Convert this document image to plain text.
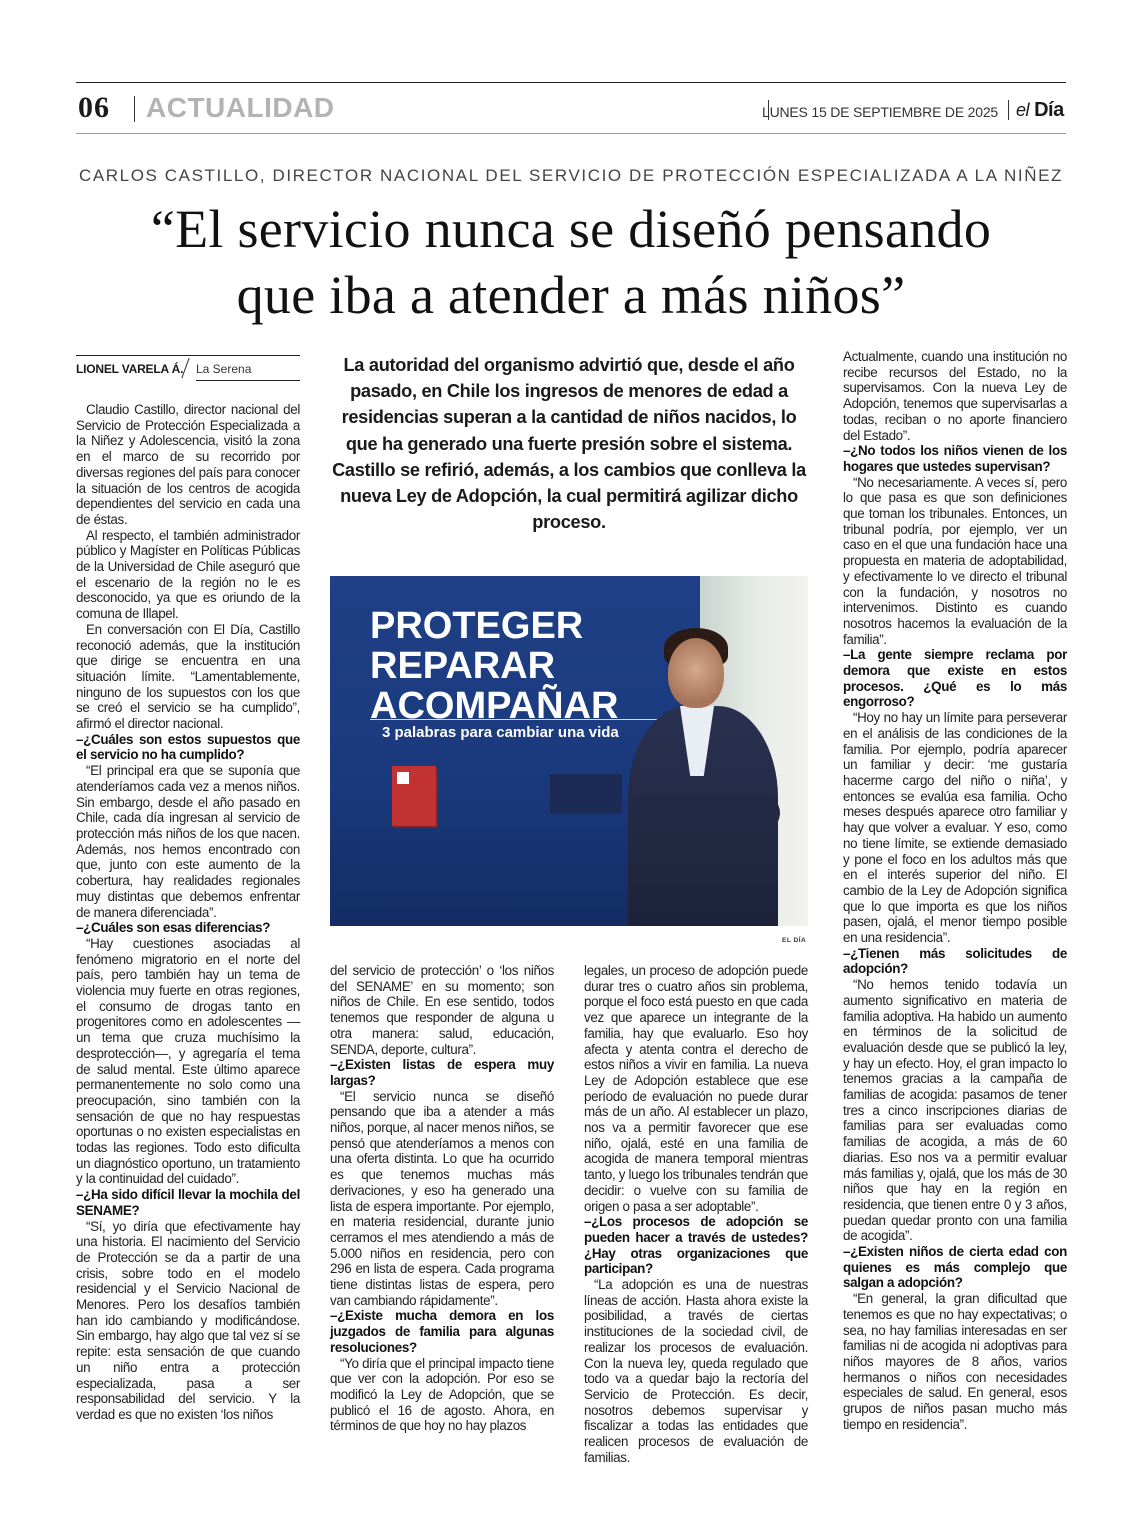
06 ACTUALIDAD	LUNES 15 DE SEPTIEMBRE DE 2025 el Día
CARLOS CASTILLO, DIRECTOR NACIONAL DEL SERVICIO DE PROTECCIÓN ESPECIALIZADA A LA NIÑEZ
“El servicio nunca se diseñó pensando
que iba a atender a más niños”
LIONEL VARELA Á. La Serena	La autoridad del organismo advirtió que, desde el año pasado, en Chile los ingresos de menores de edad a residencias superan a la cantidad de niños nacidos, lo que ha generado una fuerte presión sobre el sistema. Castillo se refirió, además, a los cambios que conlleva la nueva Ley de Adopción, la cual permitirá agilizar dicho proceso.
PROTEGER
REPARAR
ACOMPAÑAR
3 palabras para cambiar una vida
EL DÍA

Claudio Castillo, director nacional del Servicio de Protección Especializada a la Niñez y Adolescencia, visitó la zona en el marco de su recorrido por diversas regiones del país para conocer la situación de los centros de acogida dependientes del servicio en cada una de éstas.

Al respecto, el también administrador público y Magíster en Políticas Públicas de la Universidad de Chile aseguró que el escenario de la región no le es desconocido, ya que es oriundo de la comuna de Illapel.

En conversación con El Día, Castillo reconoció además, que la institución que dirige se encuentra en una situación límite. “Lamentablemente, ninguno de los supuestos con los que se creó el servicio se ha cumplido”, afirmó el director nacional.

–¿Cuáles son estos supuestos que el servicio no ha cumplido?

“El principal era que se suponía que atenderíamos cada vez a menos niños. Sin embargo, desde el año pasado en Chile, cada día ingresan al servicio de protección más niños de los que nacen. Además, nos hemos encontrado con que, junto con este aumento de la cobertura, hay realidades regionales muy distintas que debemos enfrentar de manera diferenciada”.

–¿Cuáles son esas diferencias?

“Hay cuestiones asociadas al fenómeno migratorio en el norte del país, pero también hay un tema de violencia muy fuerte en otras regiones, el consumo de drogas tanto en progenitores como en adolescentes —un tema que cruza muchísimo la desprotección—, y agregaría el tema de salud mental. Este último aparece permanentemente no solo como una preocupación, sino también con la sensación de que no hay respuestas oportunas o no existen especialistas en todas las regiones. Todo esto dificulta un diagnóstico oportuno, un tratamiento y la continuidad del cuidado”.

–¿Ha sido difícil llevar la mochila del SENAME?

“Sí, yo diría que efectivamente hay una historia. El nacimiento del Servicio de Protección se da a partir de una crisis, sobre todo en el modelo residencial y el Servicio Nacional de Menores. Pero los desafíos también han ido cambiando y modificándose. Sin embargo, hay algo que tal vez sí se repite: esta sensación de que cuando un niño entra a protección especializada, pasa a ser responsabilidad del servicio. Y la verdad es que no existen ‘los niños

del servicio de protección’ o ‘los niños del SENAME’ en su momento; son niños de Chile. En ese sentido, todos tenemos que responder de alguna u otra manera: salud, educación, SENDA, deporte, cultura”.

–¿Existen listas de espera muy largas?

“El servicio nunca se diseñó pensando que iba a atender a más niños, porque, al nacer menos niños, se pensó que atenderíamos a menos con una oferta distinta. Lo que ha ocurrido es que tenemos muchas más derivaciones, y eso ha generado una lista de espera importante. Por ejemplo, en materia residencial, durante junio cerramos el mes atendiendo a más de 5.000 niños en residencia, pero con 296 en lista de espera. Cada programa tiene distintas listas de espera, pero van cambiando rápidamente”.

–¿Existe mucha demora en los juzgados de familia para algunas resoluciones?

“Yo diría que el principal impacto tiene que ver con la adopción. Por eso se modificó la Ley de Adopción, que se publicó el 16 de agosto. Ahora, en términos de que hoy no hay plazos

legales, un proceso de adopción puede durar tres o cuatro años sin problema, porque el foco está puesto en que cada vez que aparece un integrante de la familia, hay que evaluarlo. Eso hoy afecta y atenta contra el derecho de estos niños a vivir en familia. La nueva Ley de Adopción establece que ese período de evaluación no puede durar más de un año. Al establecer un plazo, nos va a permitir favorecer que ese niño, ojalá, esté en una familia de acogida de manera temporal mientras tanto, y luego los tribunales tendrán que decidir: o vuelve con su familia de origen o pasa a ser adoptable”.

–¿Los procesos de adopción se pueden hacer a través de ustedes? ¿Hay otras organizaciones que participan?

“La adopción es una de nuestras líneas de acción. Hasta ahora existe la posibilidad, a través de ciertas instituciones de la sociedad civil, de realizar los procesos de evaluación. Con la nueva ley, queda regulado que todo va a quedar bajo la rectoría del Servicio de Protección. Es decir, nosotros debemos supervisar y fiscalizar a todas las entidades que realicen procesos de evaluación de familias.

Actualmente, cuando una institución no recibe recursos del Estado, no la supervisamos. Con la nueva Ley de Adopción, tenemos que supervisarlas a todas, reciban o no aporte financiero del Estado”.

–¿No todos los niños vienen de los hogares que ustedes supervisan?

“No necesariamente. A veces sí, pero lo que pasa es que son definiciones que toman los tribunales. Entonces, un tribunal podría, por ejemplo, ver un caso en el que una fundación hace una propuesta en materia de adoptabilidad, y efectivamente lo ve directo el tribunal con la fundación, y nosotros no intervenimos. Distinto es cuando nosotros hacemos la evaluación de la familia”.

–La gente siempre reclama por demora que existe en estos procesos. ¿Qué es lo más engorroso?

“Hoy no hay un límite para perseverar en el análisis de las condiciones de la familia. Por ejemplo, podría aparecer un familiar y decir: ‘me gustaría hacerme cargo del niño o niña’, y entonces se evalúa esa familia. Ocho meses después aparece otro familiar y hay que volver a evaluar. Y eso, como no tiene límite, se extiende demasiado y pone el foco en los adultos más que en el interés superior del niño. El cambio de la Ley de Adopción significa que lo que importa es que los niños pasen, ojalá, el menor tiempo posible en una residencia”.

–¿Tienen más solicitudes de adopción?

“No hemos tenido todavía un aumento significativo en materia de familia adoptiva. Ha habido un aumento en términos de la solicitud de evaluación desde que se publicó la ley, y hay un efecto. Hoy, el gran impacto lo tenemos gracias a la campaña de familias de acogida: pasamos de tener tres a cinco inscripciones diarias de familias para ser evaluadas como familias de acogida, a más de 60 diarias. Eso nos va a permitir evaluar más familias y, ojalá, que los más de 30 niños que hay en la región en residencia, que tienen entre 0 y 3 años, puedan quedar pronto con una familia de acogida”.

–¿Existen niños de cierta edad con quienes es más complejo que salgan a adopción?

“En general, la gran dificultad que tenemos es que no hay expectativas; o sea, no hay familias interesadas en ser familias ni de acogida ni adoptivas para niños mayores de 8 años, varios hermanos o niños con necesidades especiales de salud. En general, esos grupos de niños pasan mucho más tiempo en residencia”.
